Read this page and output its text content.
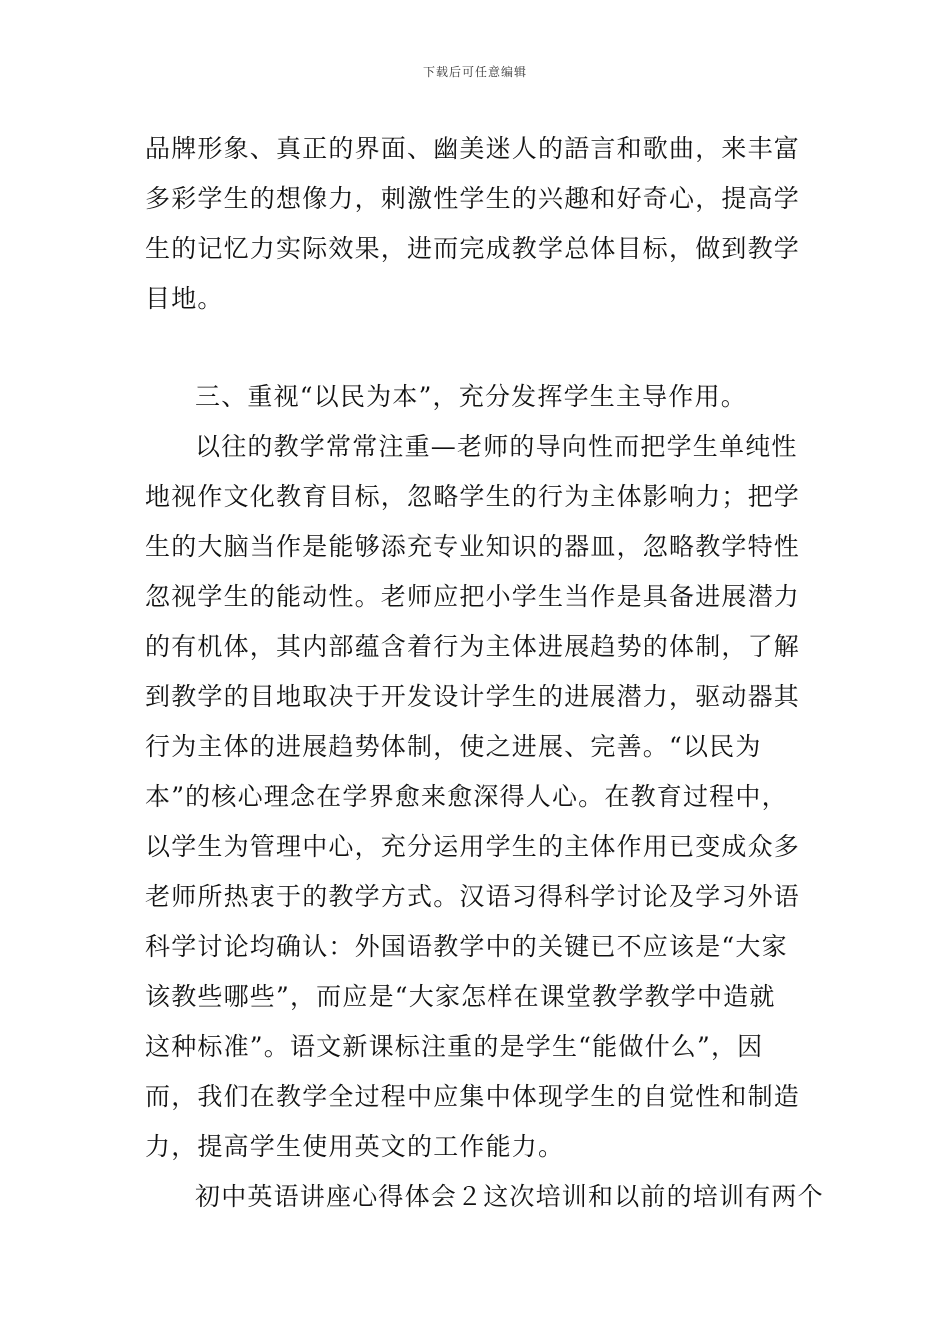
下载后可任意编辑
品牌形象、真正的界面、幽美迷人的語言和歌曲，来丰富
多彩学生的想像力，刺激性学生的兴趣和好奇心，提高学
生的记忆力实际效果，进而完成教学总体目标，做到教学
目地。
三、重视“以民为本”，充分发挥学生主导作用。
以往的教学常常注重—老师的导向性而把学生单纯性
地视作文化教育目标，忽略学生的行为主体影响力；把学
生的大脑当作是能够添充专业知识的器皿，忽略教学特性
忽视学生的能动性。老师应把小学生当作是具备进展潜力
的有机体，其内部蕴含着行为主体进展趋势的体制，了解
到教学的目地取决于开发设计学生的进展潜力，驱动器其
行为主体的进展趋势体制，使之进展、完善。“以民为
本”的核心理念在学界愈来愈深得人心。在教育过程中，
以学生为管理中心，充分运用学生的主体作用已变成众多
老师所热衷于的教学方式。汉语习得科学讨论及学习外语
科学讨论均确认：外国语教学中的关键已不应该是“大家
该教些哪些”，而应是“大家怎样在课堂教学教学中造就
这种标准”。语文新课标注重的是学生“能做什么”，因
而，我们在教学全过程中应集中体现学生的自觉性和制造
力，提高学生使用英文的工作能力。
初中英语讲座心得体会２这次培训和以前的培训有两个
